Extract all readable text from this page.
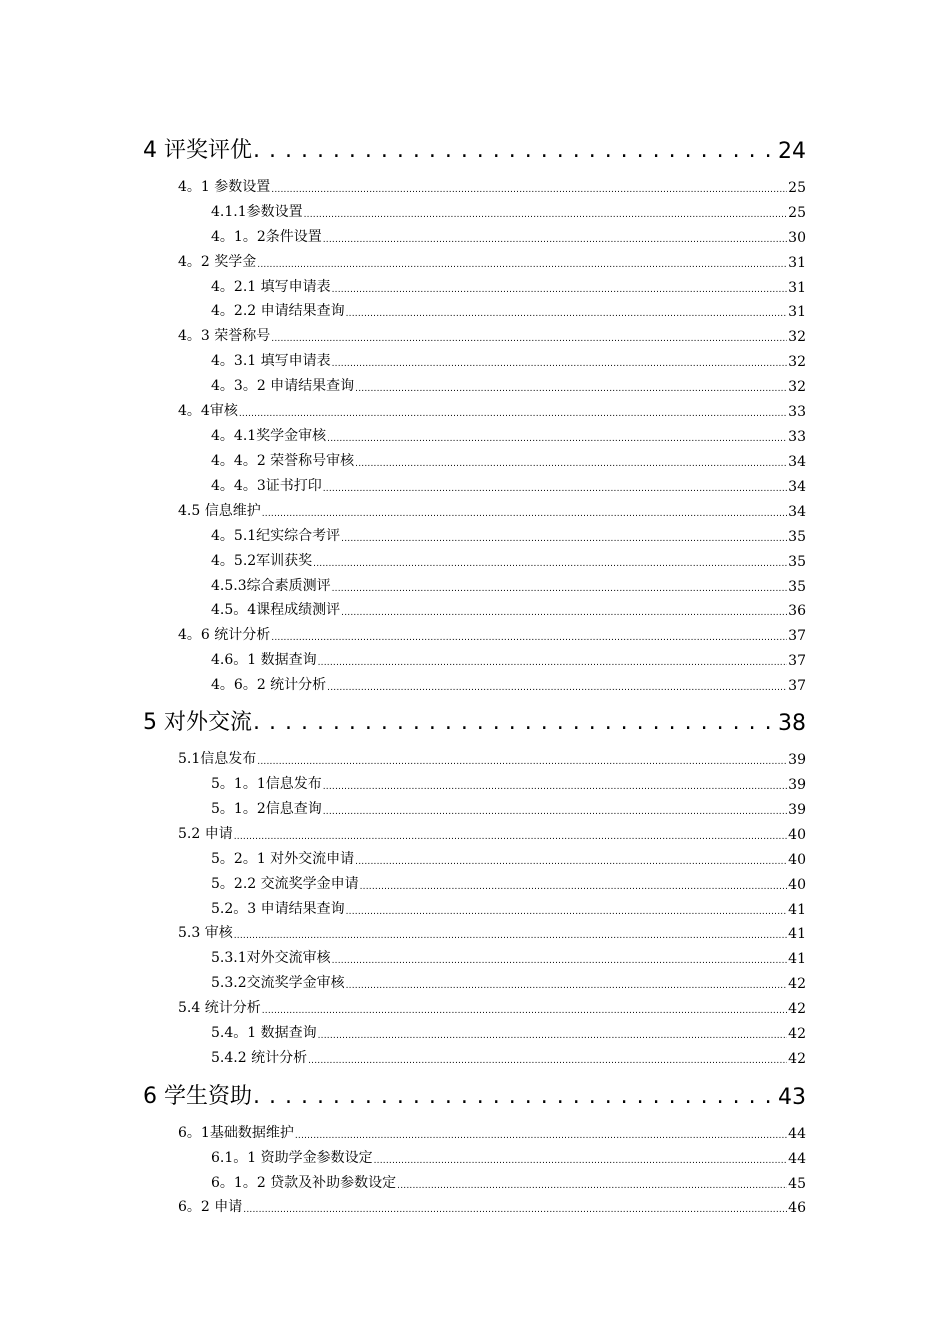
4 评奖评优 . . .	24
4。1 参数设置 .....	25
4.1.1参数设置 .....	25
4。1。2条件设置 .....	30
4。2 奖学金 .....	31
4。2.1 填写申请表 .....	31
4。2.2 申请结果查询 .....	31
4。3 荣誉称号 .....	32
4。3.1 填写申请表 .....	32
4。3。2 申请结果查询 .....	32
4。4审核 .....	33
4。4.1奖学金审核 .....	33
4。4。2 荣誉称号审核 .....	34
4。4。3证书打印 .....	34
4.5 信息维护 .....	34
4。5.1纪实综合考评 .....	35
4。5.2军训获奖 .....	35
4.5.3综合素质测评 .....	35
4.5。4课程成绩测评 .....	36
4。6 统计分析 .....	37
4.6。1 数据查询 .....	37
4。6。2 统计分析 .....	37
5 对外交流 . . .	38
5.1信息发布 .....	39
5。1。1信息发布 .....	39
5。1。2信息查询 .....	39
5.2 申请 .....	40
5。2。1 对外交流申请 .....	40
5。2.2 交流奖学金申请 .....	40
5.2。3 申请结果查询 .....	41
5.3 审核 .....	41
5.3.1对外交流审核 .....	41
5.3.2交流奖学金审核 .....	42
5.4 统计分析 .....	42
5.4。1 数据查询 .....	42
5.4.2 统计分析 .....	42
6 学生资助 . . .	43
6。1基础数据维护 .....	44
6.1。1 资助学金参数设定 .....	44
6。1。2 贷款及补助参数设定 .....	45
6。2 申请 .....	46
